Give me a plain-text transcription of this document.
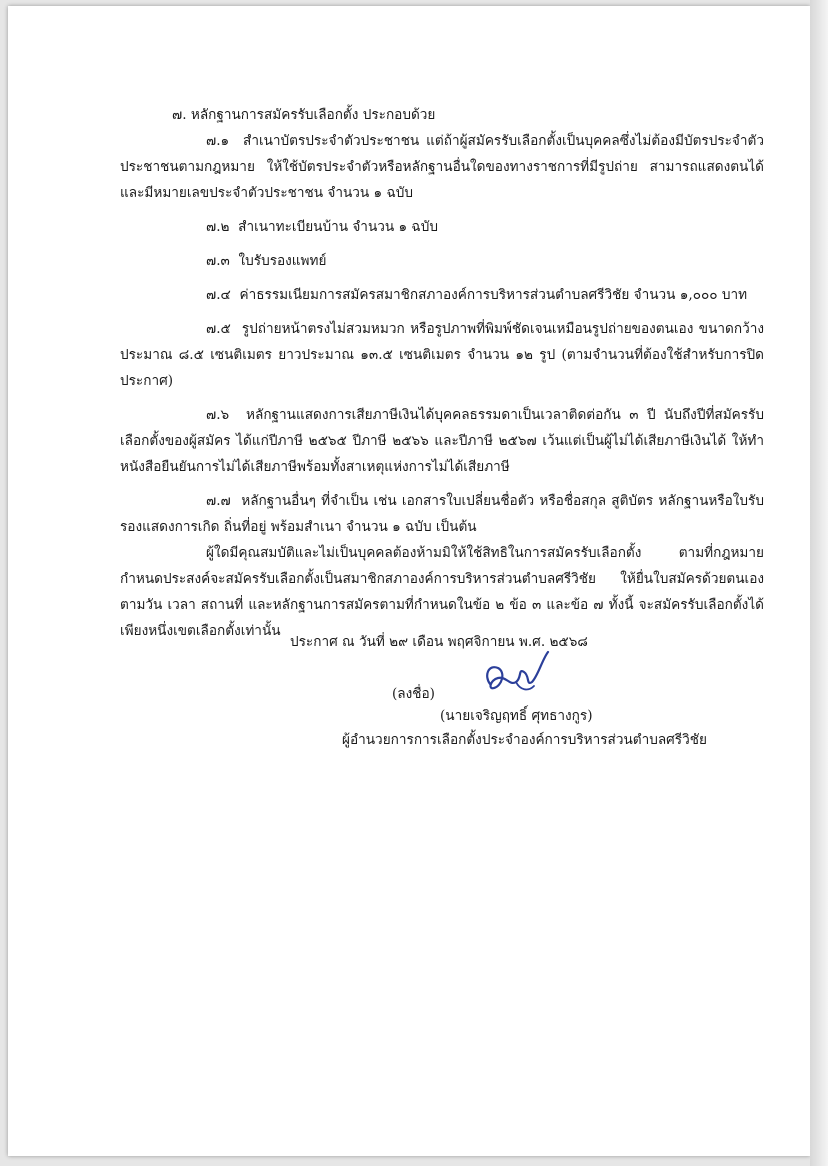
๗. หลักฐานการสมัครรับเลือกตั้ง ประกอบด้วย

๗.๑ สำเนาบัตรประจำตัวประชาชน แต่ถ้าผู้สมัครรับเลือกตั้งเป็นบุคคลซึ่งไม่ต้องมีบัตรประจำตัวประชาชนตามกฎหมาย ให้ใช้บัตรประจำตัวหรือหลักฐานอื่นใดของทางราชการที่มีรูปถ่าย สามารถแสดงตนได้และมีหมายเลขประจำตัวประชาชน จำนวน ๑ ฉบับ

๗.๒ สำเนาทะเบียนบ้าน จำนวน ๑ ฉบับ

๗.๓ ใบรับรองแพทย์

๗.๔ ค่าธรรมเนียมการสมัครสมาชิกสภาองค์การบริหารส่วนตำบลศรีวิชัย จำนวน ๑,๐๐๐ บาท

๗.๕ รูปถ่ายหน้าตรงไม่สวมหมวก หรือรูปภาพที่พิมพ์ชัดเจนเหมือนรูปถ่ายของตนเอง ขนาดกว้างประมาณ ๘.๕ เซนติเมตร ยาวประมาณ ๑๓.๕ เซนติเมตร จำนวน ๑๒ รูป (ตามจำนวนที่ต้องใช้สำหรับการปิดประกาศ)

๗.๖ หลักฐานแสดงการเสียภาษีเงินได้บุคคลธรรมดาเป็นเวลาติดต่อกัน ๓ ปี นับถึงปีที่สมัครรับเลือกตั้งของผู้สมัคร ได้แก่ปีภาษี ๒๕๖๕ ปีภาษี ๒๕๖๖ และปีภาษี ๒๕๖๗ เว้นแต่เป็นผู้ไม่ได้เสียภาษีเงินได้ ให้ทำหนังสือยืนยันการไม่ได้เสียภาษีพร้อมทั้งสาเหตุแห่งการไม่ได้เสียภาษี

๗.๗ หลักฐานอื่นๆ ที่จำเป็น เช่น เอกสารใบเปลี่ยนชื่อตัว หรือชื่อสกุล สูติบัตร หลักฐานหรือใบรับรองแสดงการเกิด ถิ่นที่อยู่ พร้อมสำเนา จำนวน ๑ ฉบับ เป็นต้น

ผู้ใดมีคุณสมบัติและไม่เป็นบุคคลต้องห้ามมิให้ใช้สิทธิในการสมัครรับเลือกตั้ง ตามที่กฎหมายกำหนดประสงค์จะสมัครรับเลือกตั้งเป็นสมาชิกสภาองค์การบริหารส่วนตำบลศรีวิชัย ให้ยื่นใบสมัครด้วยตนเองตามวัน เวลา สถานที่ และหลักฐานการสมัครตามที่กำหนดในข้อ ๒ ข้อ ๓ และข้อ ๗ ทั้งนี้ จะสมัครรับเลือกตั้งได้เพียงหนึ่งเขตเลือกตั้งเท่านั้น

ประกาศ ณ วันที่ ๒๙ เดือน พฤศจิกายน พ.ศ. ๒๕๖๘
(ลงชื่อ)
(นายเจริญฤทธิ์ ศุทธางกูร)
ผู้อำนวยการการเลือกตั้งประจำองค์การบริหารส่วนตำบลศรีวิชัย
